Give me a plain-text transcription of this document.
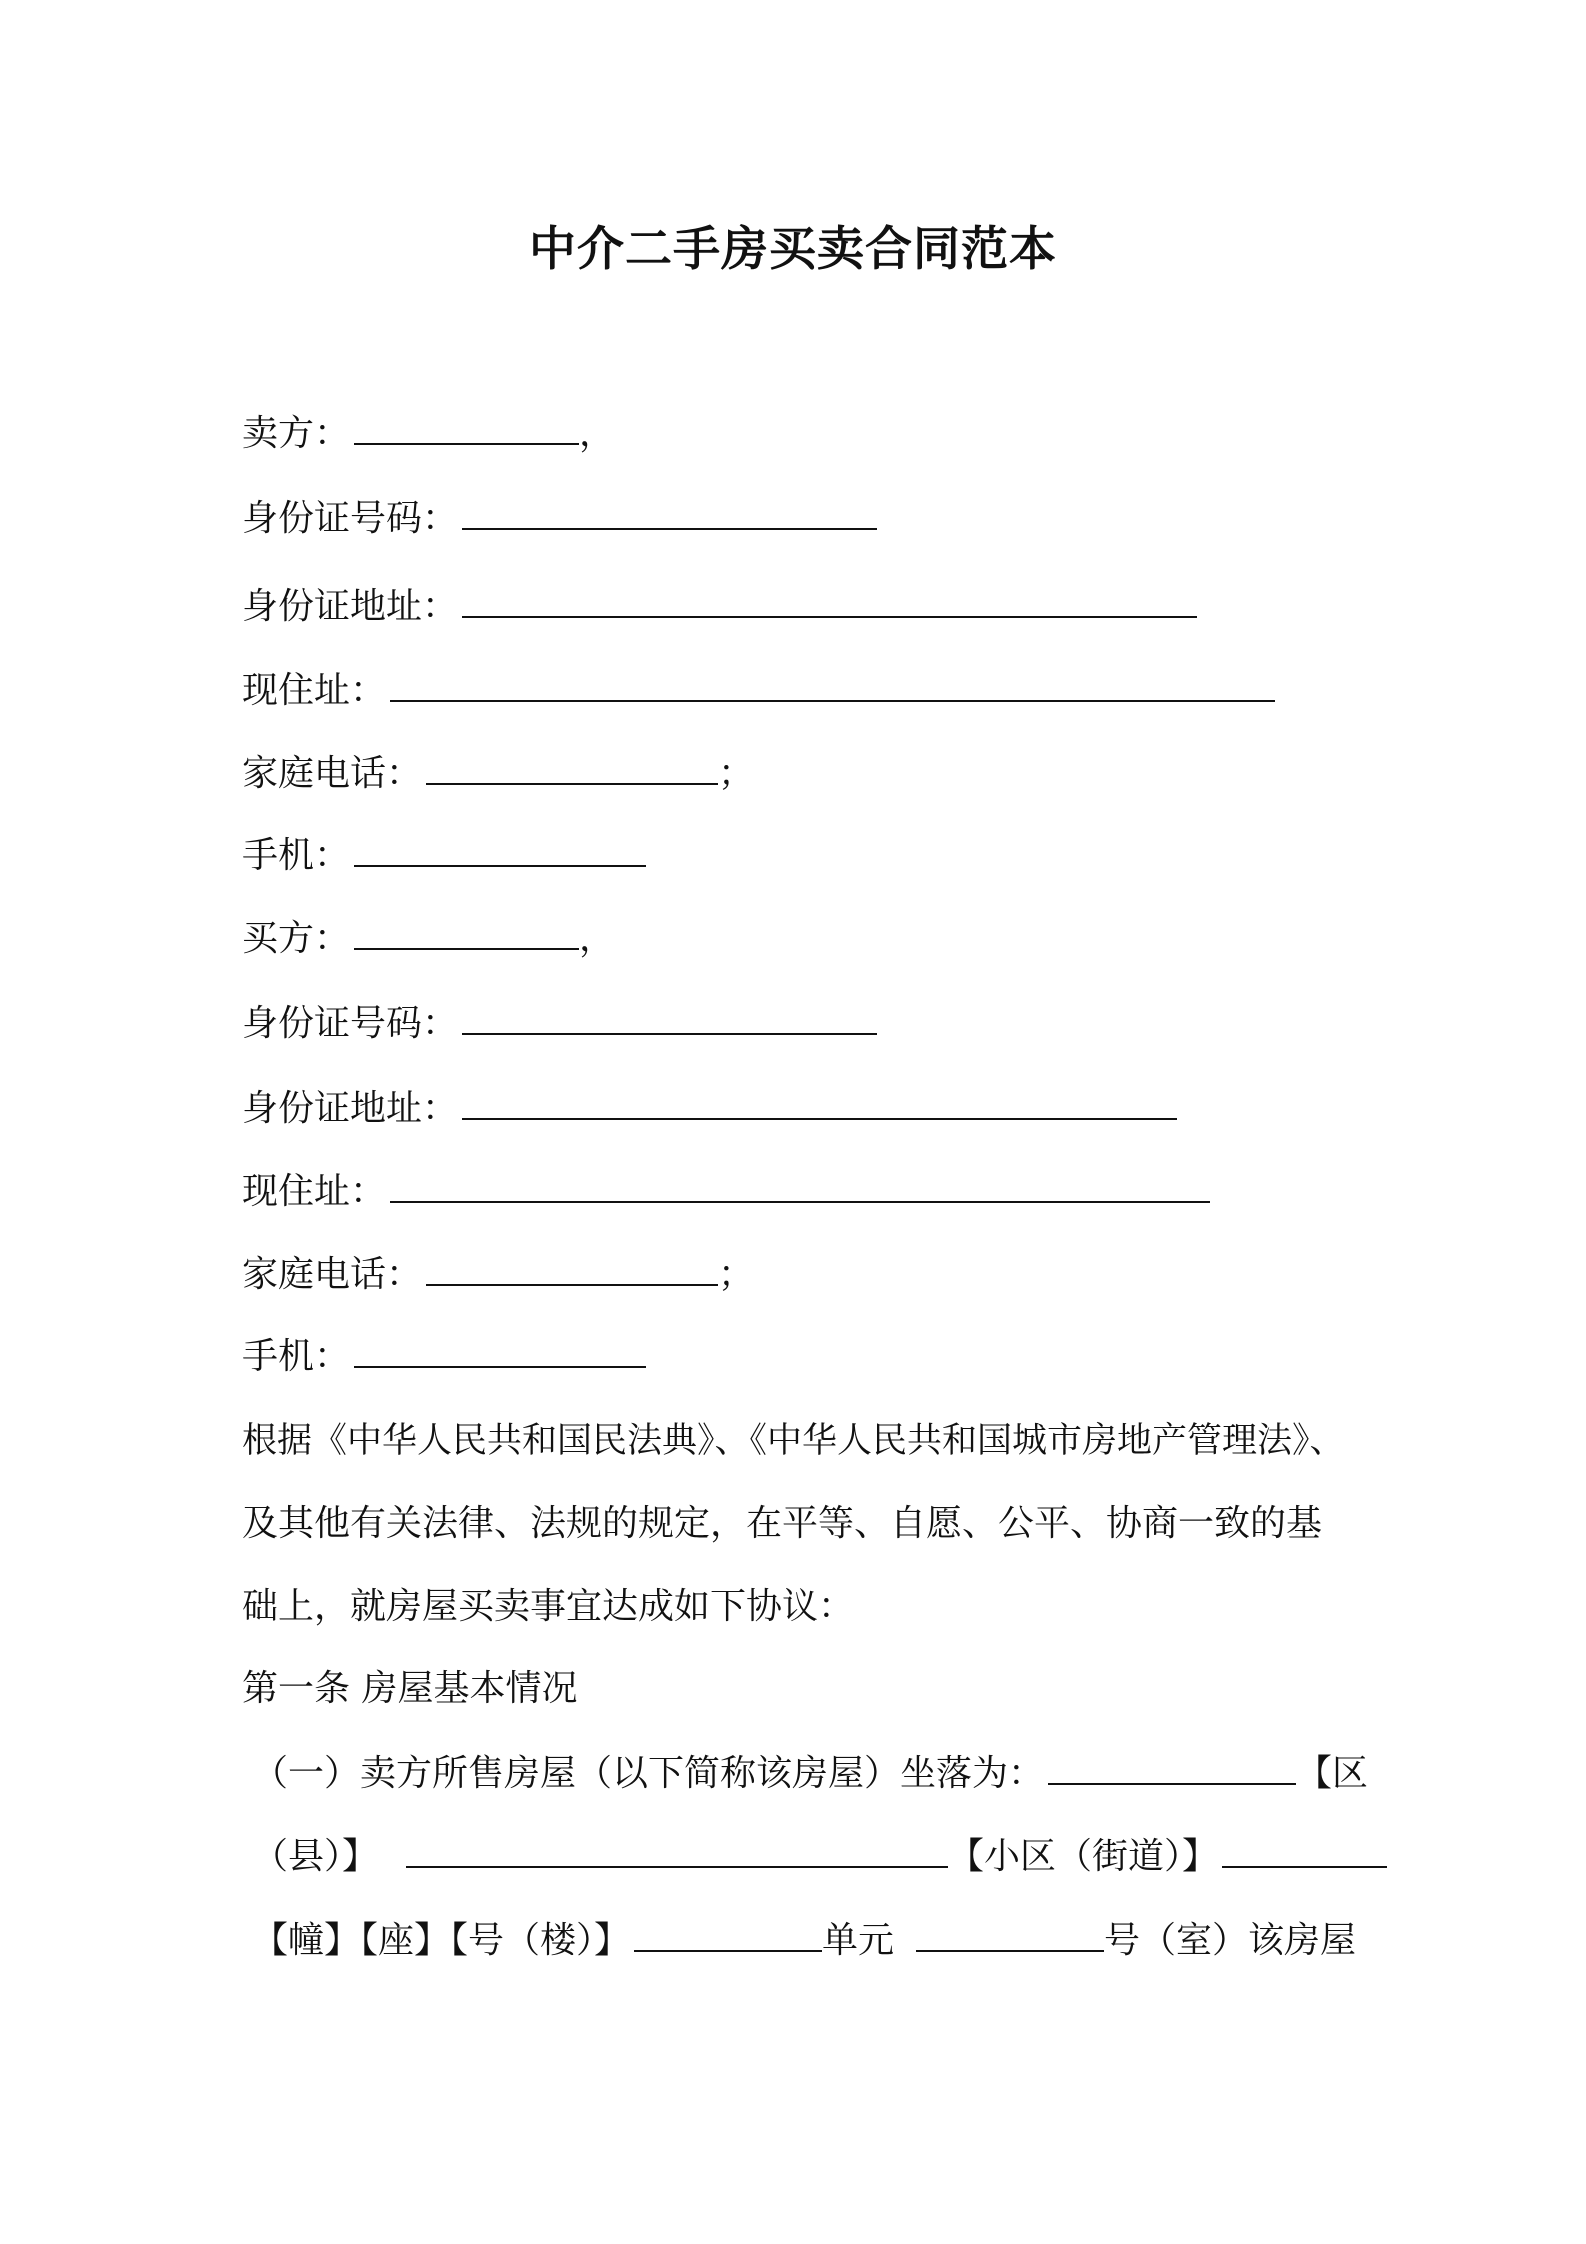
中介二手房买卖合同范本
卖方：	，
身份证号码：
身份证地址：
现住址：
家庭电话：	；
手机：
买方：	，
身份证号码：
身份证地址：
现住址：
家庭电话：	；
手机：
根据《中华人民共和国民法典》、《中华人民共和国城市房地产管理法》、
及其他有关法律、法规的规定，在平等、自愿、公平、协商一致的基
础上，就房屋买卖事宜达成如下协议：
第一条 房屋基本情况
（一）卖方所售房屋（以下简称该房屋）坐落为：	【区
（县）】	【小区（街道）】
【幢】【座】【号（楼）】	单元	号（室）该房屋
